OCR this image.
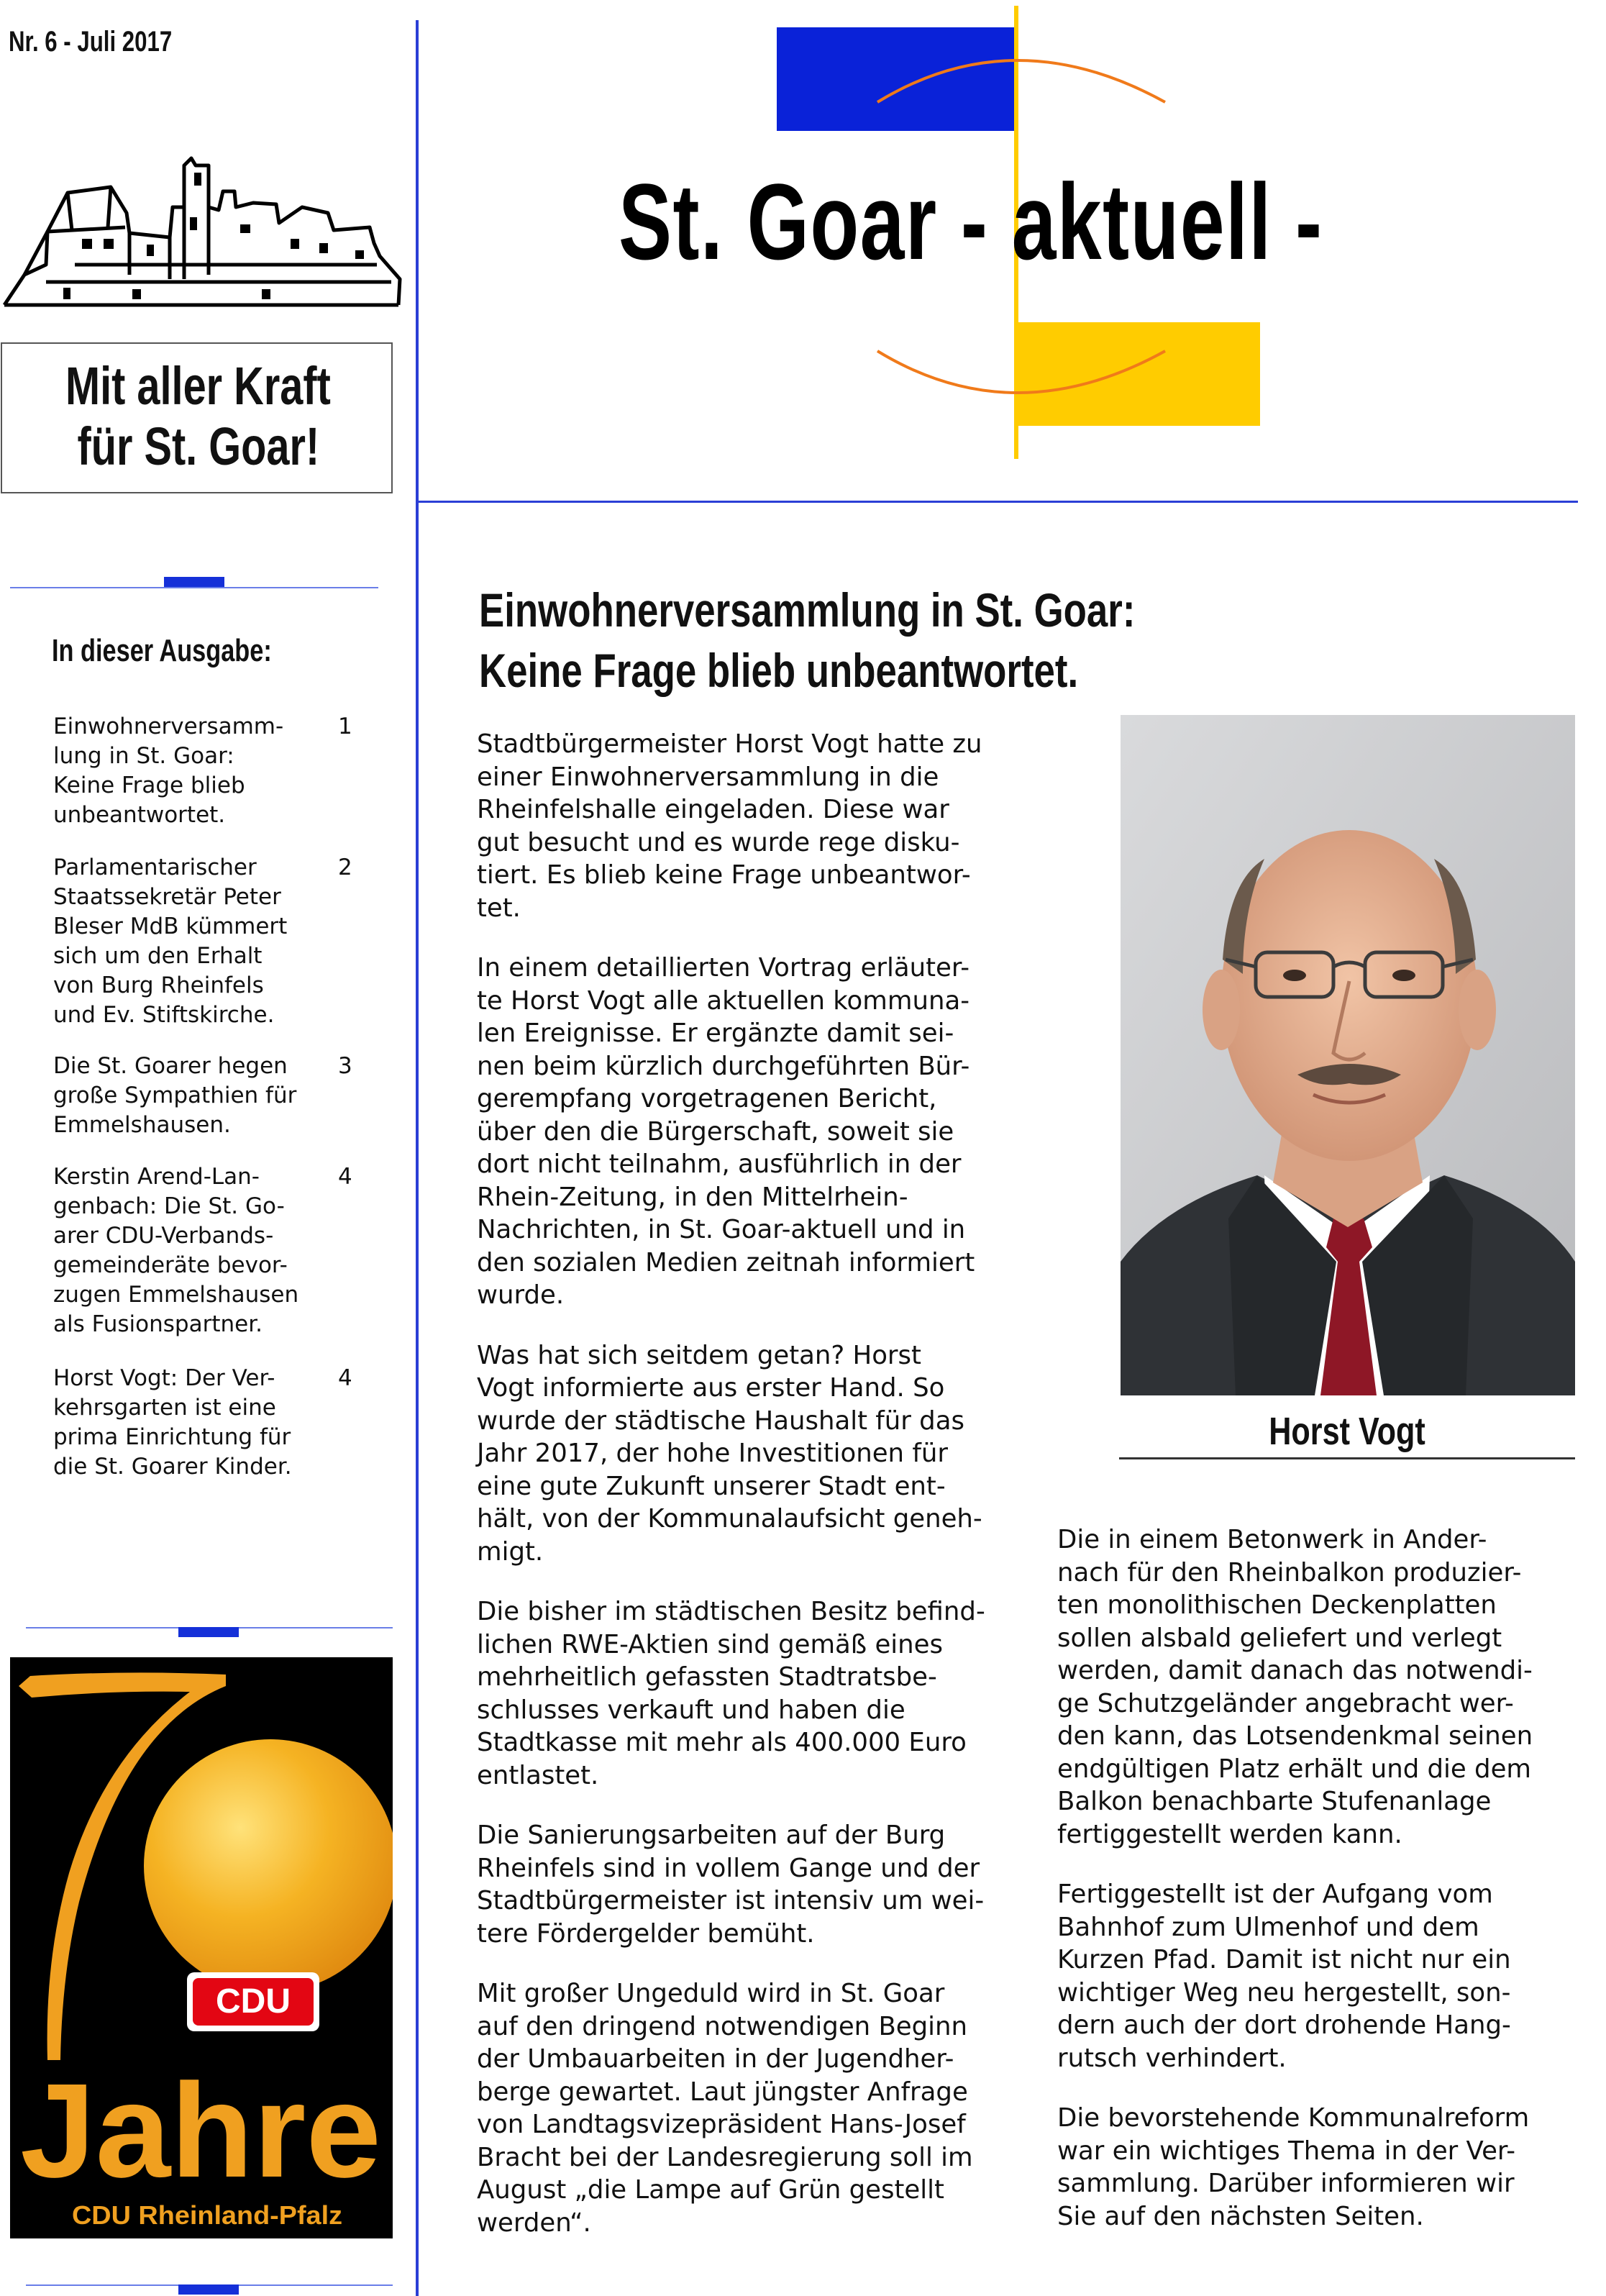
Nr. 6 - Juli 2017
St. Goar - aktuell -
Mit aller Kraft
für St. Goar!
In dieser Ausgabe:
Einwohnerversamm-
lung in St. Goar:
Keine Frage blieb
unbeantwortet.
1
Parlamentarischer
Staatssekretär Peter
Bleser MdB kümmert
sich um den Erhalt
von Burg Rheinfels
und Ev. Stiftskirche.
2
Die St. Goarer hegen
große Sympathien für
Emmelshausen.
3
Kerstin Arend-Lan-
genbach: Die St. Go-
arer CDU-Verbands-
gemeinderäte bevor-
zugen Emmelshausen
als Fusionspartner.
4
Horst Vogt: Der Ver-
kehrsgarten ist eine
prima Einrichtung für
die St. Goarer Kinder.
4
CDU
Jahre
CDU Rheinland-Pfalz
Einwohnerversammlung in St. Goar:
Keine Frage blieb unbeantwortet.

Stadtbürgermeister Horst Vogt hatte zu
einer Einwohnerversammlung in die
Rheinfelshalle eingeladen. Diese war
gut besucht und es wurde rege disku-
tiert. Es blieb keine Frage unbeantwor-
tet.

In einem detaillierten Vortrag erläuter-
te Horst Vogt alle aktuellen kommuna-
len Ereignisse. Er ergänzte damit sei-
nen beim kürzlich durchgeführten Bür-
gerempfang vorgetragenen Bericht,
über den die Bürgerschaft, soweit sie
dort nicht teilnahm, ausführlich in der
Rhein-Zeitung, in den Mittelrhein-
Nachrichten, in St. Goar-aktuell und in
den sozialen Medien zeitnah informiert
wurde.

Was hat sich seitdem getan? Horst
Vogt informierte aus erster Hand. So
wurde der städtische Haushalt für das
Jahr 2017, der hohe Investitionen für
eine gute Zukunft unserer Stadt ent-
hält, von der Kommunalaufsicht geneh-
migt.

Die bisher im städtischen Besitz befind-
lichen RWE-Aktien sind gemäß eines
mehrheitlich gefassten Stadtratsbe-
schlusses verkauft und haben die
Stadtkasse mit mehr als 400.000 Euro
entlastet.

Die Sanierungsarbeiten auf der Burg
Rheinfels sind in vollem Gange und der
Stadtbürgermeister ist intensiv um wei-
tere Fördergelder bemüht.

Mit großer Ungeduld wird in St. Goar
auf den dringend notwendigen Beginn
der Umbauarbeiten in der Jugendher-
berge gewartet. Laut jüngster Anfrage
von Landtagsvizepräsident Hans-Josef
Bracht bei der Landesregierung soll im
August „die Lampe auf Grün gestellt
werden“.

Horst Vogt

Die in einem Betonwerk in Ander-
nach für den Rheinbalkon produzier-
ten monolithischen Deckenplatten
sollen alsbald geliefert und verlegt
werden, damit danach das notwendi-
ge Schutzgeländer angebracht wer-
den kann, das Lotsendenkmal seinen
endgültigen Platz erhält und die dem
Balkon benachbarte Stufenanlage
fertiggestellt werden kann.

Fertiggestellt ist der Aufgang vom
Bahnhof zum Ulmenhof und dem
Kurzen Pfad. Damit ist nicht nur ein
wichtiger Weg neu hergestellt, son-
dern auch der dort drohende Hang-
rutsch verhindert.

Die bevorstehende Kommunalreform
war ein wichtiges Thema in der Ver-
sammlung. Darüber informieren wir
Sie auf den nächsten Seiten.
